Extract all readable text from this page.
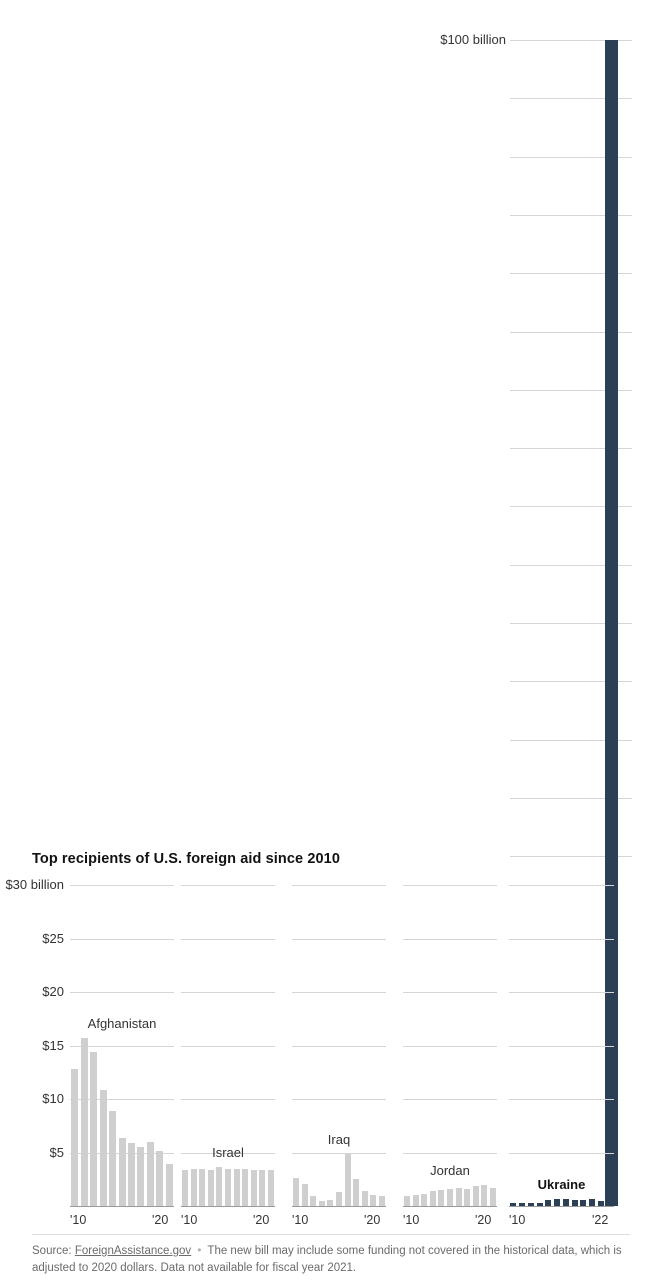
$100 billion
Top recipients of U.S. foreign aid since 2010
$30 billion
$25
$20
$15
$10
$5
Afghanistan
'10	'20
Israel
'10	'20
Iraq
'10	'20
Jordan
'10	'20
Ukraine
'10	'22
Source: ForeignAssistance.gov • The new bill may include some funding not covered in the historical data, which is adjusted to 2020 dollars. Data not available for fiscal year 2021.
